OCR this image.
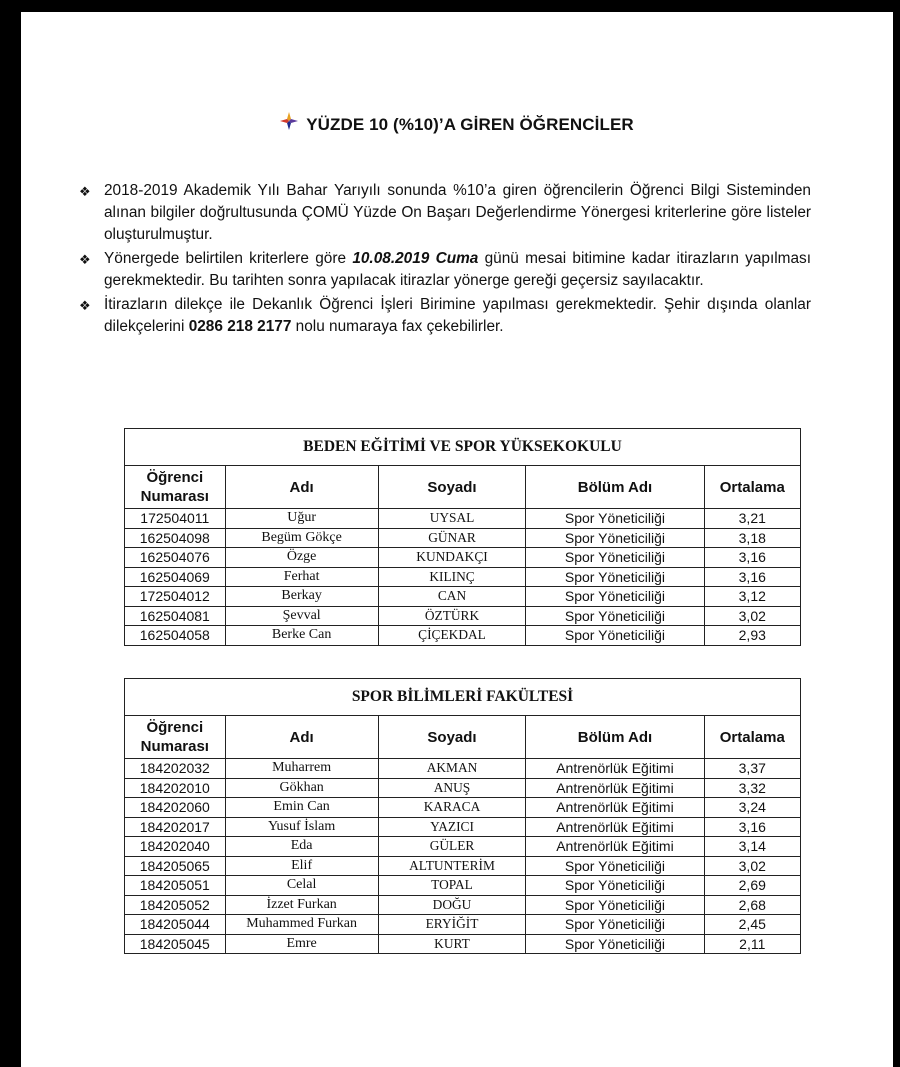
YÜZDE 10 (%10)’A GİREN ÖĞRENCİLER
❖ 2018-2019 Akademik Yılı Bahar Yarıyılı sonunda %10’a giren öğrencilerin Öğrenci Bilgi Sisteminden alınan bilgiler doğrultusunda ÇOMÜ Yüzde On Başarı Değerlendirme Yönergesi kriterlerine göre listeler oluşturulmuştur.
❖ Yönergede belirtilen kriterlere göre 10.08.2019 Cuma günü mesai bitimine kadar itirazların yapılması gerekmektedir. Bu tarihten sonra yapılacak itirazlar yönerge gereği geçersiz sayılacaktır.
❖ İtirazların dilekçe ile Dekanlık Öğrenci İşleri Birimine yapılması gerekmektedir. Şehir dışında olanlar dilekçelerini 0286 218 2177 nolu numaraya fax çekebilirler.
BEDEN EĞİTİMİ VE SPOR YÜKSEKOKULU				
Öğrenci Numarası	Adı	Soyadı	Bölüm Adı	Ortalama
172504011	Uğur	UYSAL	Spor Yöneticiliği	3,21
162504098	Begüm Gökçe	GÜNAR	Spor Yöneticiliği	3,18
162504076	Özge	KUNDAKÇI	Spor Yöneticiliği	3,16
162504069	Ferhat	KILINÇ	Spor Yöneticiliği	3,16
172504012	Berkay	CAN	Spor Yöneticiliği	3,12
162504081	Şevval	ÖZTÜRK	Spor Yöneticiliği	3,02
162504058	Berke Can	ÇİÇEKDAL	Spor Yöneticiliği	2,93
SPOR BİLİMLERİ FAKÜLTESİ				
Öğrenci Numarası	Adı	Soyadı	Bölüm Adı	Ortalama
184202032	Muharrem	AKMAN	Antrenörlük Eğitimi	3,37
184202010	Gökhan	ANUŞ	Antrenörlük Eğitimi	3,32
184202060	Emin Can	KARACA	Antrenörlük Eğitimi	3,24
184202017	Yusuf İslam	YAZICI	Antrenörlük Eğitimi	3,16
184202040	Eda	GÜLER	Antrenörlük Eğitimi	3,14
184205065	Elif	ALTUNTERİM	Spor Yöneticiliği	3,02
184205051	Celal	TOPAL	Spor Yöneticiliği	2,69
184205052	İzzet Furkan	DOĞU	Spor Yöneticiliği	2,68
184205044	Muhammed Furkan	ERYİĞİT	Spor Yöneticiliği	2,45
184205045	Emre	KURT	Spor Yöneticiliği	2,11
